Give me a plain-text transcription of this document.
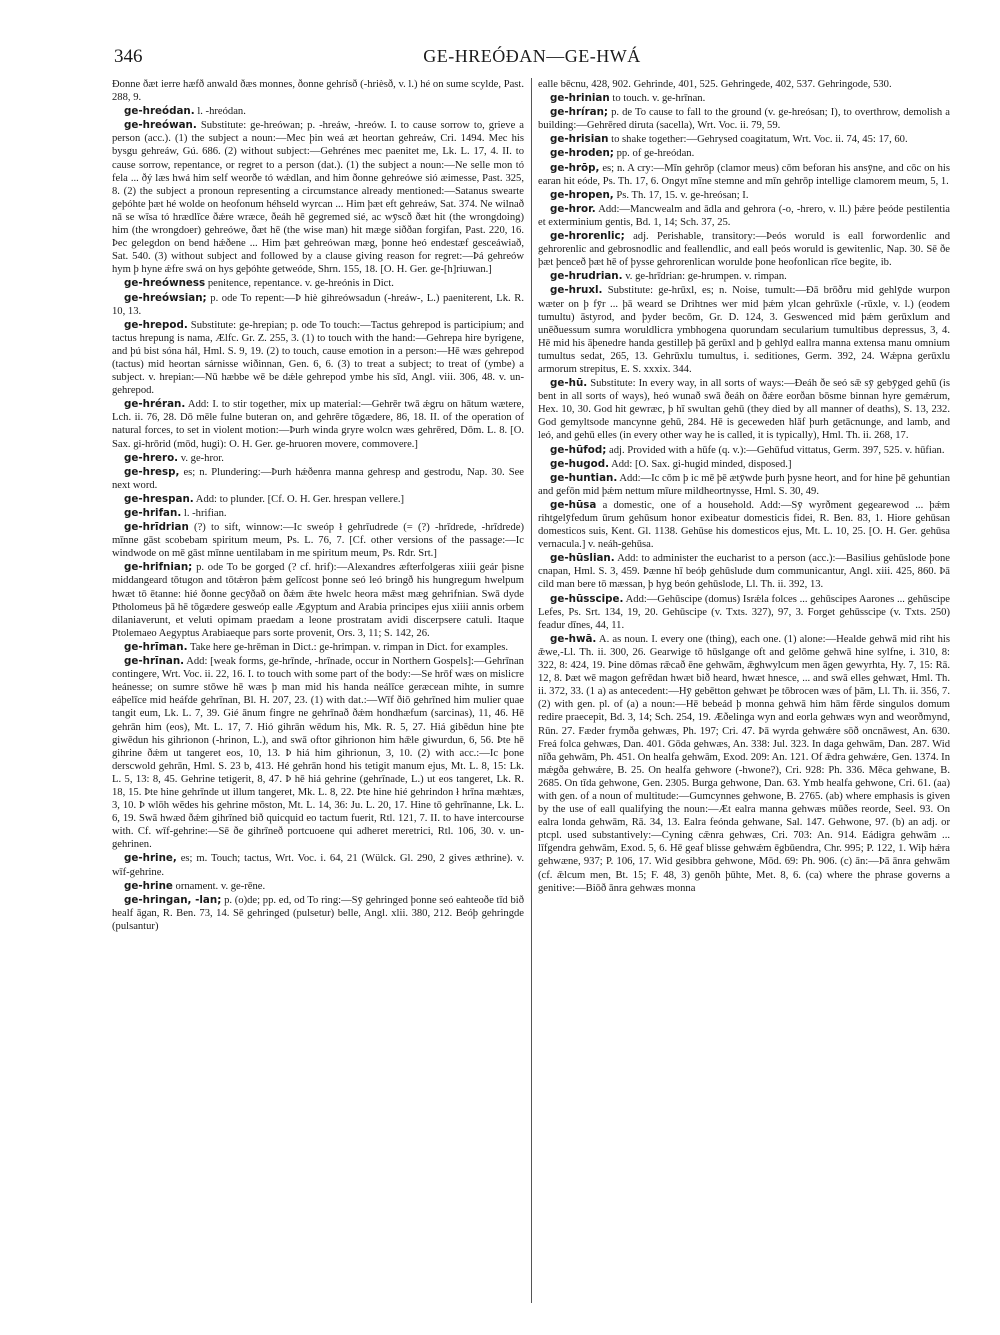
346	GE-HREÓÐAN—GE-HWÁ

Ðonne ðæt ierre hæfð anwald ðæs monnes, ðonne gehrísð (-hrièsð, v. l.) hé on sume scylde, Past. 288, 9.

ge-hreódan. l. -hreódan.

ge-hreówan. Substitute: ge-hreówan; p. -hreáw, -hreów. I. to cause sorrow to, grieve a person (acc.). (1) the subject a noun:—Mec þin weá æt heortan gehreáw, Cri. 1494. Mec his bysgu gehreáw, Gú. 686. (2) without subject:—Gehrénes mec paenitet me, Lk. L. 17, 4. II. to cause sorrow, repentance, or regret to a person (dat.). (1) the subject a noun:—Ne selle mon tó fela ... ðý læs hwá him self weorðe tó wǽdlan, and him ðonne gehreówe sió æimesse, Past. 325, 8. (2) the subject a pronoun representing a circumstance already mentioned:—Satanus swearte geþóhte þæt hé wolde on heofonum héhseld wyrcan ... Him þæt eft gehreáw, Sat. 374. Ne wilnað nā se wīsa tó hrædlīce ðǽre wræce, ðeáh hē gegremed sié, ac wȳscð ðæt hit (the wrongdoing) him (the wrongdoer) gehreówe, ðæt hē (the wise man) hit mæge siððan forgifan, Past. 220, 16. Þec gelegdon on bend hǽðene ... Him þæt gehreówan mæg, þonne heó endestæf gesceáwiað, Sat. 540. (3) without subject and followed by a clause giving reason for regret:—Þá gehreów hym þ hyne ǽfre swá on hys geþóhte getweóde, Shrn. 155, 18. [O. H. Ger. ge-[h]riuwan.]

ge-hreówness penitence, repentance. v. ge-hreónis in Dict.

ge-hreówsian; p. ode To repent:—Þ hiè gihreówsadun (-hreáw-, L.) paeniterent, Lk. R. 10, 13.

ge-hrepod. Substitute: ge-hrepian; p. ode To touch:—Tactus gehrepod is participium; and tactus hrepung is nama, Ælfc. Gr. Z. 255, 3. (1) to touch with the hand:—Gehrepa hire byrigene, and þú bist sóna hál, Hml. S. 9, 19. (2) to touch, cause emotion in a person:—Hē wæs gehrepod (tactus) mid heortan sárnisse wiðinnan, Gen. 6, 6. (3) to treat a subject; to treat of (ymbe) a subject. v. hrepian:—Nū hæbbe wē be dǽle gehrepod ymbe his sīd, Angl. viii. 306, 48. v. un-gehrepod.

ge-hréran. Add: I. to stir together, mix up material:—Gehrēr twā ǽgru on hātum wætere, Lch. ii. 76, 28. Dō mēle fulne buteran on, and gehrēre tōgædere, 86, 18. II. of the operation of natural forces, to set in violent motion:—Þurh winda gryre wolcn wæs gehrēred, Dōm. L. 8. [O. Sax. gi-hrōrid (mōd, hugi): O. H. Ger. ge-hruoren movere, commovere.]

ge-hrero. v. ge-hror.

ge-hresp, es; n. Plundering:—Þurh hǽðenra manna gehresp and gestrodu, Nap. 30. See next word.

ge-hrespan. Add: to plunder. [Cf. O. H. Ger. hrespan vellere.]

ge-hrifan. l. -hrifian.

ge-hrīdrian (?) to sift, winnow:—Ic sweóp ł gehrīudrede (= (?) -hrīdrede, -hrīdrede) mīnne gāst scobebam spiritum meum, Ps. L. 76, 7. [Cf. other versions of the passage:—Ic windwode on mē gāst mīnne uentilabam in me spiritum meum, Ps. Rdr. Srt.]

ge-hrifnian; p. ode To be gorged (? cf. hrif):—Alexandres æfterfolgeras xiiii geár þisne middangeard tōtugon and tōtǽron þǽm gelīcost þonne seó leó bringð his hungregum hwelpum hwæt tō ētanne: hié ðonne gecȳðað on ðǽm ǣte hwelc heora mǣst mæg gehrifnian. Swā dyde Ptholomeus þā hē tōgædere gesweóp ealle Ægyptum and Arabia principes ejus xiiii annis orbem dilaniaverunt, et veluti opimam praedam a leone prostratam avidi discerpsere catuli. Itaque Ptolemaeo Aegyptus Arabiaeque pars sorte provenit, Ors. 3, 11; S. 142, 26.

ge-hrīman. Take here ge-hrēman in Dict.: ge-hrimpan. v. rimpan in Dict. for examples.

ge-hrīnan. Add: [weak forms, ge-hrīnde, -hrīnade, occur in Northern Gospels]:—Gehrīnan contingere, Wrt. Voc. ii. 22, 16. I. to touch with some part of the body:—Se hrōf wæs on mislicre heánesse; on sumre stōwe hē wæs þ man mid his handa neálīce geræcean mihte, in sumre eáþelīce mid heáfde gehrīnan, Bl. H. 207, 23. (1) with dat.:—Wīf ðiō gehrīned him mulier quae tangit eum, Lk. L. 7, 39. Gié ānum fingre ne gehrīnað ðǽm hondhæfum (sarcinas), 11, 46. Hē gehrān him (eos), Mt. L. 17, 7. Hió gihrān wēdum his, Mk. R. 5, 27. Hiá gibēdun hine þte giwēdun his gihrionon (-hrinon, L.), and swā oftor gihrionon him hǣle giwurdun, 6, 56. Þte hē gihrine ðǽm ut tangeret eos, 10, 13. Þ hiá him gihrionun, 3, 10. (2) with acc.:—Ic þone derscwold gehrān, Hml. S. 23 b, 413. Hé gehrān hond his tetigit manum ejus, Mt. L. 8, 15: Lk. L. 5, 13: 8, 45. Gehrine tetigerit, 8, 47. Þ hē hiá gehrine (gehrīnade, L.) ut eos tangeret, Lk. R. 18, 15. Þte hine gehrīnde ut illum tangeret, Mk. L. 8, 22. Þte hine hié gehrindon ł hrīna mæhtæs, 3, 10. Þ wlōh wēdes his gehrine mōston, Mt. L. 14, 36: Ju. L. 20, 17. Hine tō gehrīnanne, Lk. L. 6, 19. Swā hwæd ðǽm gihrīned bið quicquid eo tactum fuerit, Rtl. 121, 7. II. to have intercourse with. Cf. wīf-gehrine:—Sē ðe gihrīneð portcuoene qui adheret meretrici, Rtl. 106, 30. v. un-gehrinen.

ge-hrine, es; m. Touch; tactus, Wrt. Voc. i. 64, 21 (Wülck. Gl. 290, 2 gives æthrine). v. wīf-gehrine.

ge-hrine ornament. v. ge-rēne.

ge-hringan, -lan; p. (o)de; pp. ed, od To ring:—Sȳ gehringed þonne seó eahteoðe tīd bið healf āgan, R. Ben. 73, 14. Sē gehringed (pulsetur) belle, Angl. xlii. 380, 212. Beóþ gehringde (pulsantur)

ealle bēcnu, 428, 902. Gehrinde, 401, 525. Gehringede, 402, 537. Gehringode, 530.

ge-hrinian to touch. v. ge-hrīnan.

ge-hríran; p. de To cause to fall to the ground (v. ge-hreósan; I), to overthrow, demolish a building:—Gehrēred diruta (sacella), Wrt. Voc. ii. 79, 59.

ge-hrisian to shake together:—Gehrysed coagitatum, Wrt. Voc. ii. 74, 45: 17, 60.

ge-hroden; pp. of ge-hreódan.

ge-hrōp, es; n. A cry:—Mīn gehrōp (clamor meus) cōm beforan his ansȳne, and cōc on his earan hit eóde, Ps. Th. 17, 6. Ongyt mīne stemne and mīn gehrōp intellige clamorem meum, 5, 1.

ge-hropen, Ps. Th. 17, 15. v. ge-hreósan; I.

ge-hror. Add:—Mancwealm and ādla and gehrora (-o, -hrero, v. ll.) þǽre þeóde pestilentia et exterminium gentis, Bd. 1, 14; Sch. 37, 25.

ge-hrorenlic; adj. Perishable, transitory:—Þeós woruld is eall forwordenlic and gehrorenlic and gebrosnodlic and feallendlic, and eall þeós woruld is gewitenlic, Nap. 30. Sē ðe þæt þenceð þæt hē of þysse gehrorenlican worulde þone heofonlican rīce begite, ib.

ge-hrudrian. v. ge-hrīdrian: ge-hrumpen. v. rimpan.

ge-hruxl. Substitute: ge-hrūxl, es; n. Noise, tumult:—Ðā brōðru mid gehlȳde wurpon wæter on þ fȳr ... þā weard se Drihtnes wer mid þǽm ylcan gehrūxle (-rūxle, v. l.) (eodem tumultu) āstyrod, and þyder becōm, Gr. D. 124, 3. Geswenced mid þǽm gerūxlum and unēðuessum sumra woruldlicra ymbhogena quorundam secularium tumultibus depressus, 3, 4. Hē mid his āþenedre handa gestilleþ þā gerūxl and þ gehlȳd eallra manna extensa manu omnium tumultus sedat, 265, 13. Gehrūxlu tumultus, i. seditiones, Germ. 392, 24. Wǽpna gerūxlu armorum strepitus, E. S. xxxix. 344.

ge-hū. Substitute: In every way, in all sorts of ways:—Ðeáh ðe seó sǣ sȳ gebȳged gehū (is bent in all sorts of ways), heó wunað swā ðeáh on ðǽre eorðan bōsme binnan hyre gemǽrum, Hex. 10, 30. God hit gewræc, þ hī swultan gehū (they died by all manner of deaths), S. 13, 232. God gemyltsode mancynne gehū, 284. Hē is geceweden hlāf þurh getācnunge, and lamb, and leó, and gehū elles (in every other way he is called, it is typically), Hml. Th. ii. 268, 17.

ge-hūfod; adj. Provided with a hūfe (q. v.):—Gehūfud vittatus, Germ. 397, 525. v. hūfian.

ge-hugod. Add: [O. Sax. gi-hugid minded, disposed.]

ge-huntian. Add:—Ic cōm þ ic mē þē ætȳwde þurh þysne heort, and for hine þē gehuntian and gefōn mid þǽm nettum mīure mildheortnysse, Hml. S. 30, 49.

ge-hūsa a domestic, one of a household. Add:—Sȳ wyrðment gegearewod ... þǽm rihtgelȳfedum ūrum gehūsum honor exibeatur domesticis fidei, R. Ben. 83, 1. Hiore gehūsan domesticos suis, Kent. Gl. 1138. Gehūse his domesticos ejus, Mt. L. 10, 25. [O. H. Ger. gehūsa vernacula.] v. neáh-gehūsa.

ge-hūslian. Add: to administer the eucharist to a person (acc.):—Basilius gehūslode þone cnapan, Hml. S. 3, 459. Þænne hī beóþ gehūslude dum communicantur, Angl. xiii. 425, 860. Þā cild man bere tō mæssan, þ hyg beón gehūslode, Ll. Th. ii. 392, 13.

ge-hūsscipe. Add:—Gehūscipe (domus) Isrǽla folces ... gehūscipes Aarones ... gehūscipe Lefes, Ps. Srt. 134, 19, 20. Gehūscipe (v. Txts. 327), 97, 3. Forget gehūsscipe (v. Txts. 250) feadur dīnes, 44, 11.

ge-hwā. A. as noun. I. every one (thing), each one. (1) alone:—Healde gehwā mid riht his ǣwe,-Ll. Th. ii. 300, 26. Gearwige tō hūslgange oft and gelōme gehwā hine sylfne, i. 310, 8: 322, 8: 424, 19. Þine dōmas rǣcað ēne gehwām, ǣghwylcum men āgen gewyrhta, Hy. 7, 15: Rā. 12, 8. Þæt wē magon gefrēdan hwæt bið heard, hwæt hnesce, ... and swā elles gehwæt, Hml. Th. ii. 372, 33. (1 a) as antecedent:—Hȳ gebētton gehwæt þe tōbrocen wæs of þām, Ll. Th. ii. 356, 7. (2) with gen. pl. of (a) a noun:—Hē bebeád þ monna gehwā him hām fērde singulos domum redire praecepit, Bd. 3, 14; Sch. 254, 19. Æðelinga wyn and eorla gehwæs wyn and weorðmynd, Rūn. 27. Fæder frymða gehwæs, Ph. 197; Cri. 47. Þā wyrda gehwǽre sōð oncnāwest, An. 630. Freá folca gehwæs, Dan. 401. Gōda gehwæs, An. 338: Jul. 323. In daga gehwām, Dan. 287. Wid nīða gehwām, Ph. 451. On healfa gehwām, Exod. 209: An. 121. Of ǣdra gehwǽre, Gen. 1374. In mǽgða gehwǽre, B. 25. On healfa gehwore (-hwone?), Cri. 928: Ph. 336. Mēca gehwane, B. 2685. On tīda gehwone, Gen. 2305. Burga gehwone, Dan. 63. Ymb healfa gehwone, Cri. 61. (aa) with gen. of a noun of multitude:—Gumcynnes gehwone, B. 2765. (ab) where emphasis is given by the use of eall qualifying the noun:—Æt ealra manna gehwæs mūðes reorde, Seel. 93. On ealra londa gehwām, Rā. 34, 13. Ealra feónda gehwane, Sal. 147. Gehwone, 97. (b) an adj. or ptcpl. used substantively:—Cyning cǣnra gehwæs, Cri. 703: An. 914. Eádigra gehwām ... līfgendra gehwām, Exod. 5, 6. Hē geaf blisse gehwǽm ēgbūendra, Chr. 995; P. 122, 1. Wiþ hǽra gehwæne, 937; P. 106, 17. Wid gesibbra gehwone, Mōd. 69: Ph. 906. (c) ān:—Þā ānra gehwām (cf. ǣlcum men, Bt. 15; F. 48, 3) genōh þūhte, Met. 8, 6. (ca) where the phrase governs a genitive:—Biōð ānra gehwæs monna
